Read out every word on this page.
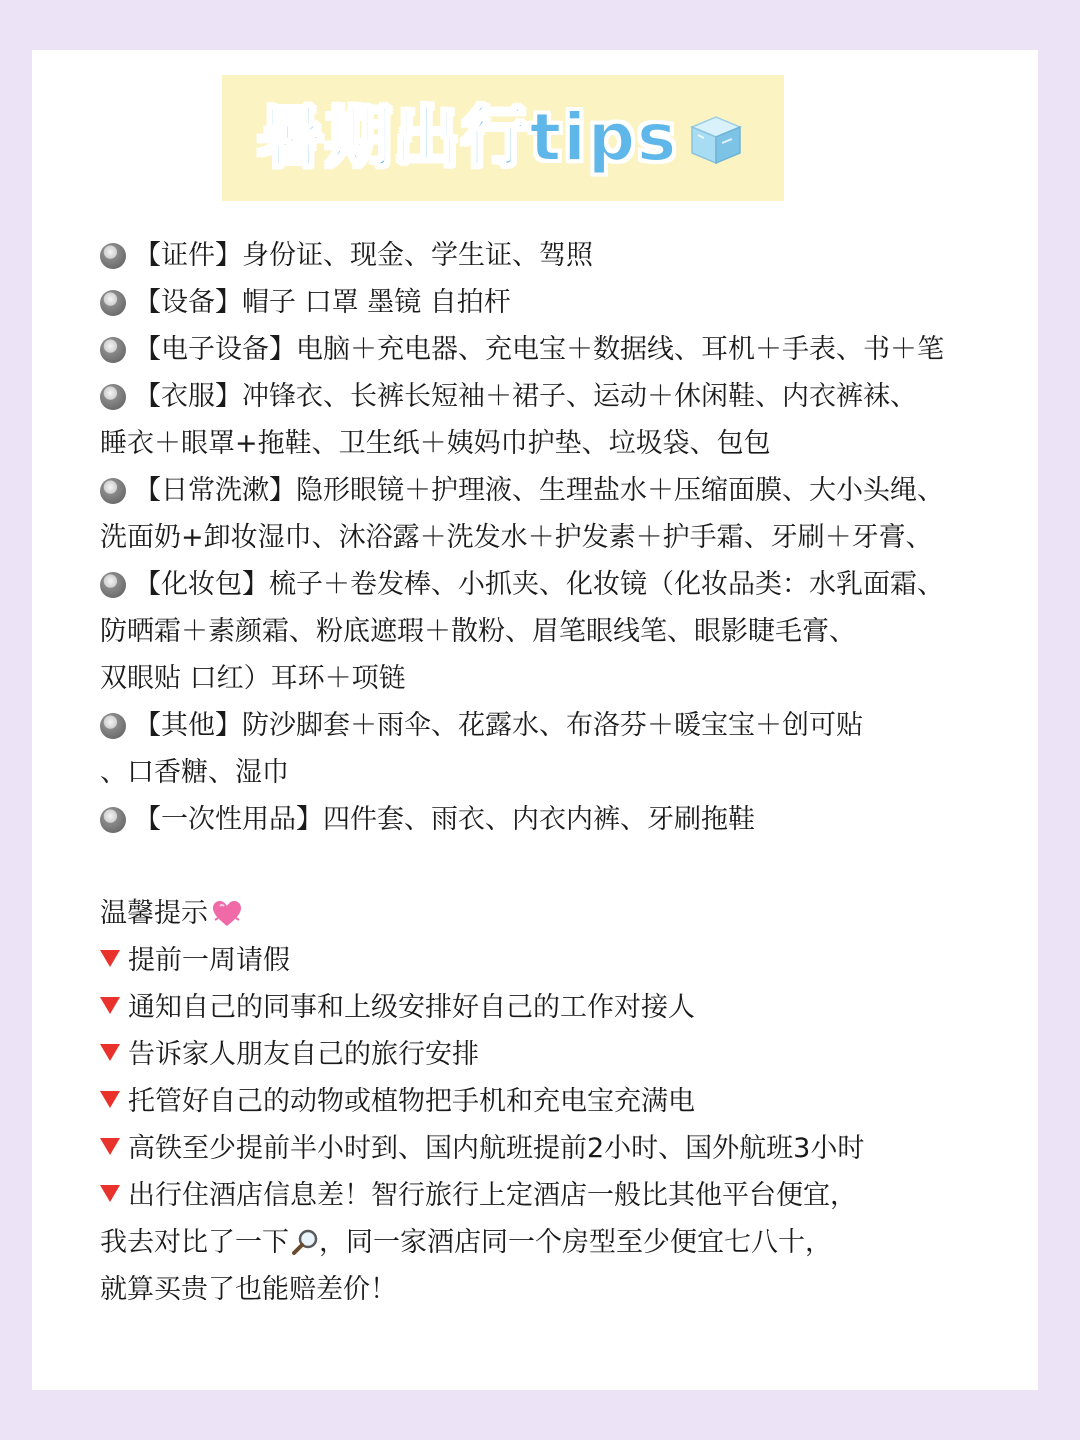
暑期出行tips
【证件】身份证、现金、学生证、驾照
【设备】帽子 口罩 墨镜 自拍杆
【电子设备】电脑＋充电器、充电宝＋数据线、耳机＋手表、书＋笔
【衣服】冲锋衣、长裤长短袖＋裙子、运动＋休闲鞋、内衣裤袜、
睡衣＋眼罩+拖鞋、卫生纸＋姨妈巾护垫、垃圾袋、包包
【日常洗漱】隐形眼镜＋护理液、生理盐水＋压缩面膜、大小头绳、
洗面奶+卸妆湿巾、沐浴露＋洗发水＋护发素＋护手霜、牙刷＋牙膏、
【化妆包】梳子＋卷发棒、小抓夹、化妆镜（化妆品类：水乳面霜、
防晒霜＋素颜霜、粉底遮瑕＋散粉、眉笔眼线笔、眼影睫毛膏、
双眼贴 口红）耳环＋项链
【其他】防沙脚套＋雨伞、花露水、布洛芬＋暖宝宝＋创可贴
、口香糖、湿巾
【一次性用品】四件套、雨衣、内衣内裤、牙刷拖鞋
温馨提示
提前一周请假
通知自己的同事和上级安排好自己的工作对接人
告诉家人朋友自己的旅行安排
托管好自己的动物或植物把手机和充电宝充满电
高铁至少提前半小时到、国内航班提前2小时、国外航班3小时
出行住酒店信息差！智行旅行上定酒店一般比其他平台便宜，
我去对比了一下 ，同一家酒店同一个房型至少便宜七八十，
就算买贵了也能赔差价！
